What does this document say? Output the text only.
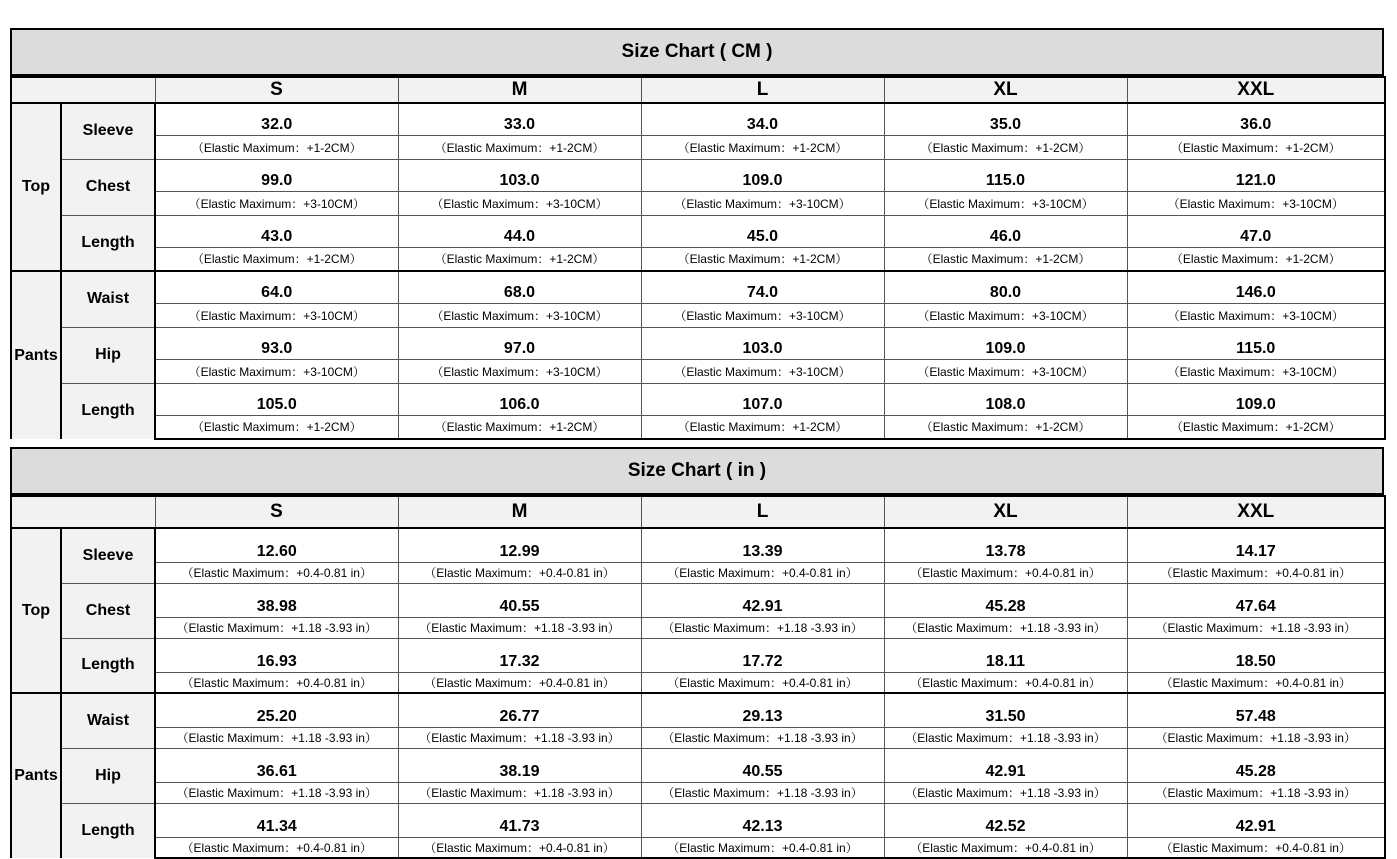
Size Chart ( CM )
		S	M	L	XL	XXL
Top	Sleeve	32.0	33.0	34.0	35.0	36.0
		（Elastic Maximum：+1-2CM）	（Elastic Maximum：+1-2CM）	（Elastic Maximum：+1-2CM）	（Elastic Maximum：+1-2CM）	（Elastic Maximum：+1-2CM）
	Chest	99.0	103.0	109.0	115.0	121.0
		（Elastic Maximum：+3-10CM）	（Elastic Maximum：+3-10CM）	（Elastic Maximum：+3-10CM）	（Elastic Maximum：+3-10CM）	（Elastic Maximum：+3-10CM）
	Length	43.0	44.0	45.0	46.0	47.0
		（Elastic Maximum：+1-2CM）	（Elastic Maximum：+1-2CM）	（Elastic Maximum：+1-2CM）	（Elastic Maximum：+1-2CM）	（Elastic Maximum：+1-2CM）
Pants	Waist	64.0	68.0	74.0	80.0	146.0
		（Elastic Maximum：+3-10CM）	（Elastic Maximum：+3-10CM）	（Elastic Maximum：+3-10CM）	（Elastic Maximum：+3-10CM）	（Elastic Maximum：+3-10CM）
	Hip	93.0	97.0	103.0	109.0	115.0
		（Elastic Maximum：+3-10CM）	（Elastic Maximum：+3-10CM）	（Elastic Maximum：+3-10CM）	（Elastic Maximum：+3-10CM）	（Elastic Maximum：+3-10CM）
	Length	105.0	106.0	107.0	108.0	109.0
		（Elastic Maximum：+1-2CM）	（Elastic Maximum：+1-2CM）	（Elastic Maximum：+1-2CM）	（Elastic Maximum：+1-2CM）	（Elastic Maximum：+1-2CM）
Size Chart ( in )
		S	M	L	XL	XXL
Top	Sleeve	12.60	12.99	13.39	13.78	14.17
		（Elastic Maximum：+0.4-0.81 in）	（Elastic Maximum：+0.4-0.81 in）	（Elastic Maximum：+0.4-0.81 in）	（Elastic Maximum：+0.4-0.81 in）	（Elastic Maximum：+0.4-0.81 in）
	Chest	38.98	40.55	42.91	45.28	47.64
		（Elastic Maximum：+1.18 -3.93 in）	（Elastic Maximum：+1.18 -3.93 in）	（Elastic Maximum：+1.18 -3.93 in）	（Elastic Maximum：+1.18 -3.93 in）	（Elastic Maximum：+1.18 -3.93 in）
	Length	16.93	17.32	17.72	18.11	18.50
		（Elastic Maximum：+0.4-0.81 in）	（Elastic Maximum：+0.4-0.81 in）	（Elastic Maximum：+0.4-0.81 in）	（Elastic Maximum：+0.4-0.81 in）	（Elastic Maximum：+0.4-0.81 in）
Pants	Waist	25.20	26.77	29.13	31.50	57.48
		（Elastic Maximum：+1.18 -3.93 in）	（Elastic Maximum：+1.18 -3.93 in）	（Elastic Maximum：+1.18 -3.93 in）	（Elastic Maximum：+1.18 -3.93 in）	（Elastic Maximum：+1.18 -3.93 in）
	Hip	36.61	38.19	40.55	42.91	45.28
		（Elastic Maximum：+1.18 -3.93 in）	（Elastic Maximum：+1.18 -3.93 in）	（Elastic Maximum：+1.18 -3.93 in）	（Elastic Maximum：+1.18 -3.93 in）	（Elastic Maximum：+1.18 -3.93 in）
	Length	41.34	41.73	42.13	42.52	42.91
		（Elastic Maximum：+0.4-0.81 in）	（Elastic Maximum：+0.4-0.81 in）	（Elastic Maximum：+0.4-0.81 in）	（Elastic Maximum：+0.4-0.81 in）	（Elastic Maximum：+0.4-0.81 in）
